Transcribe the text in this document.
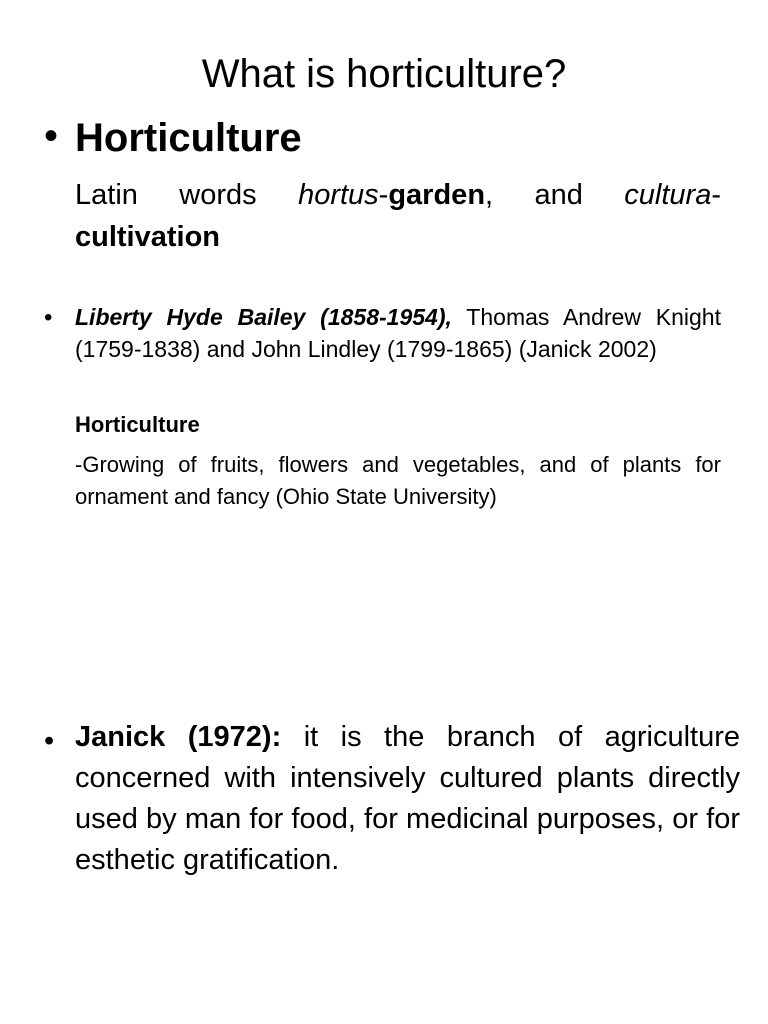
What is horticulture?
• Horticulture
Latin words hortus-garden, and cultura-cultivation
• Liberty Hyde Bailey (1858-1954), Thomas Andrew Knight (1759-1838) and John Lindley (1799-1865) (Janick 2002)
Horticulture
-Growing of fruits, flowers and vegetables, and of plants for ornament and fancy (Ohio State University)
• Janick (1972): it is the branch of agriculture concerned with intensively cultured plants directly used by man for food, for medicinal purposes, or for esthetic gratification.
